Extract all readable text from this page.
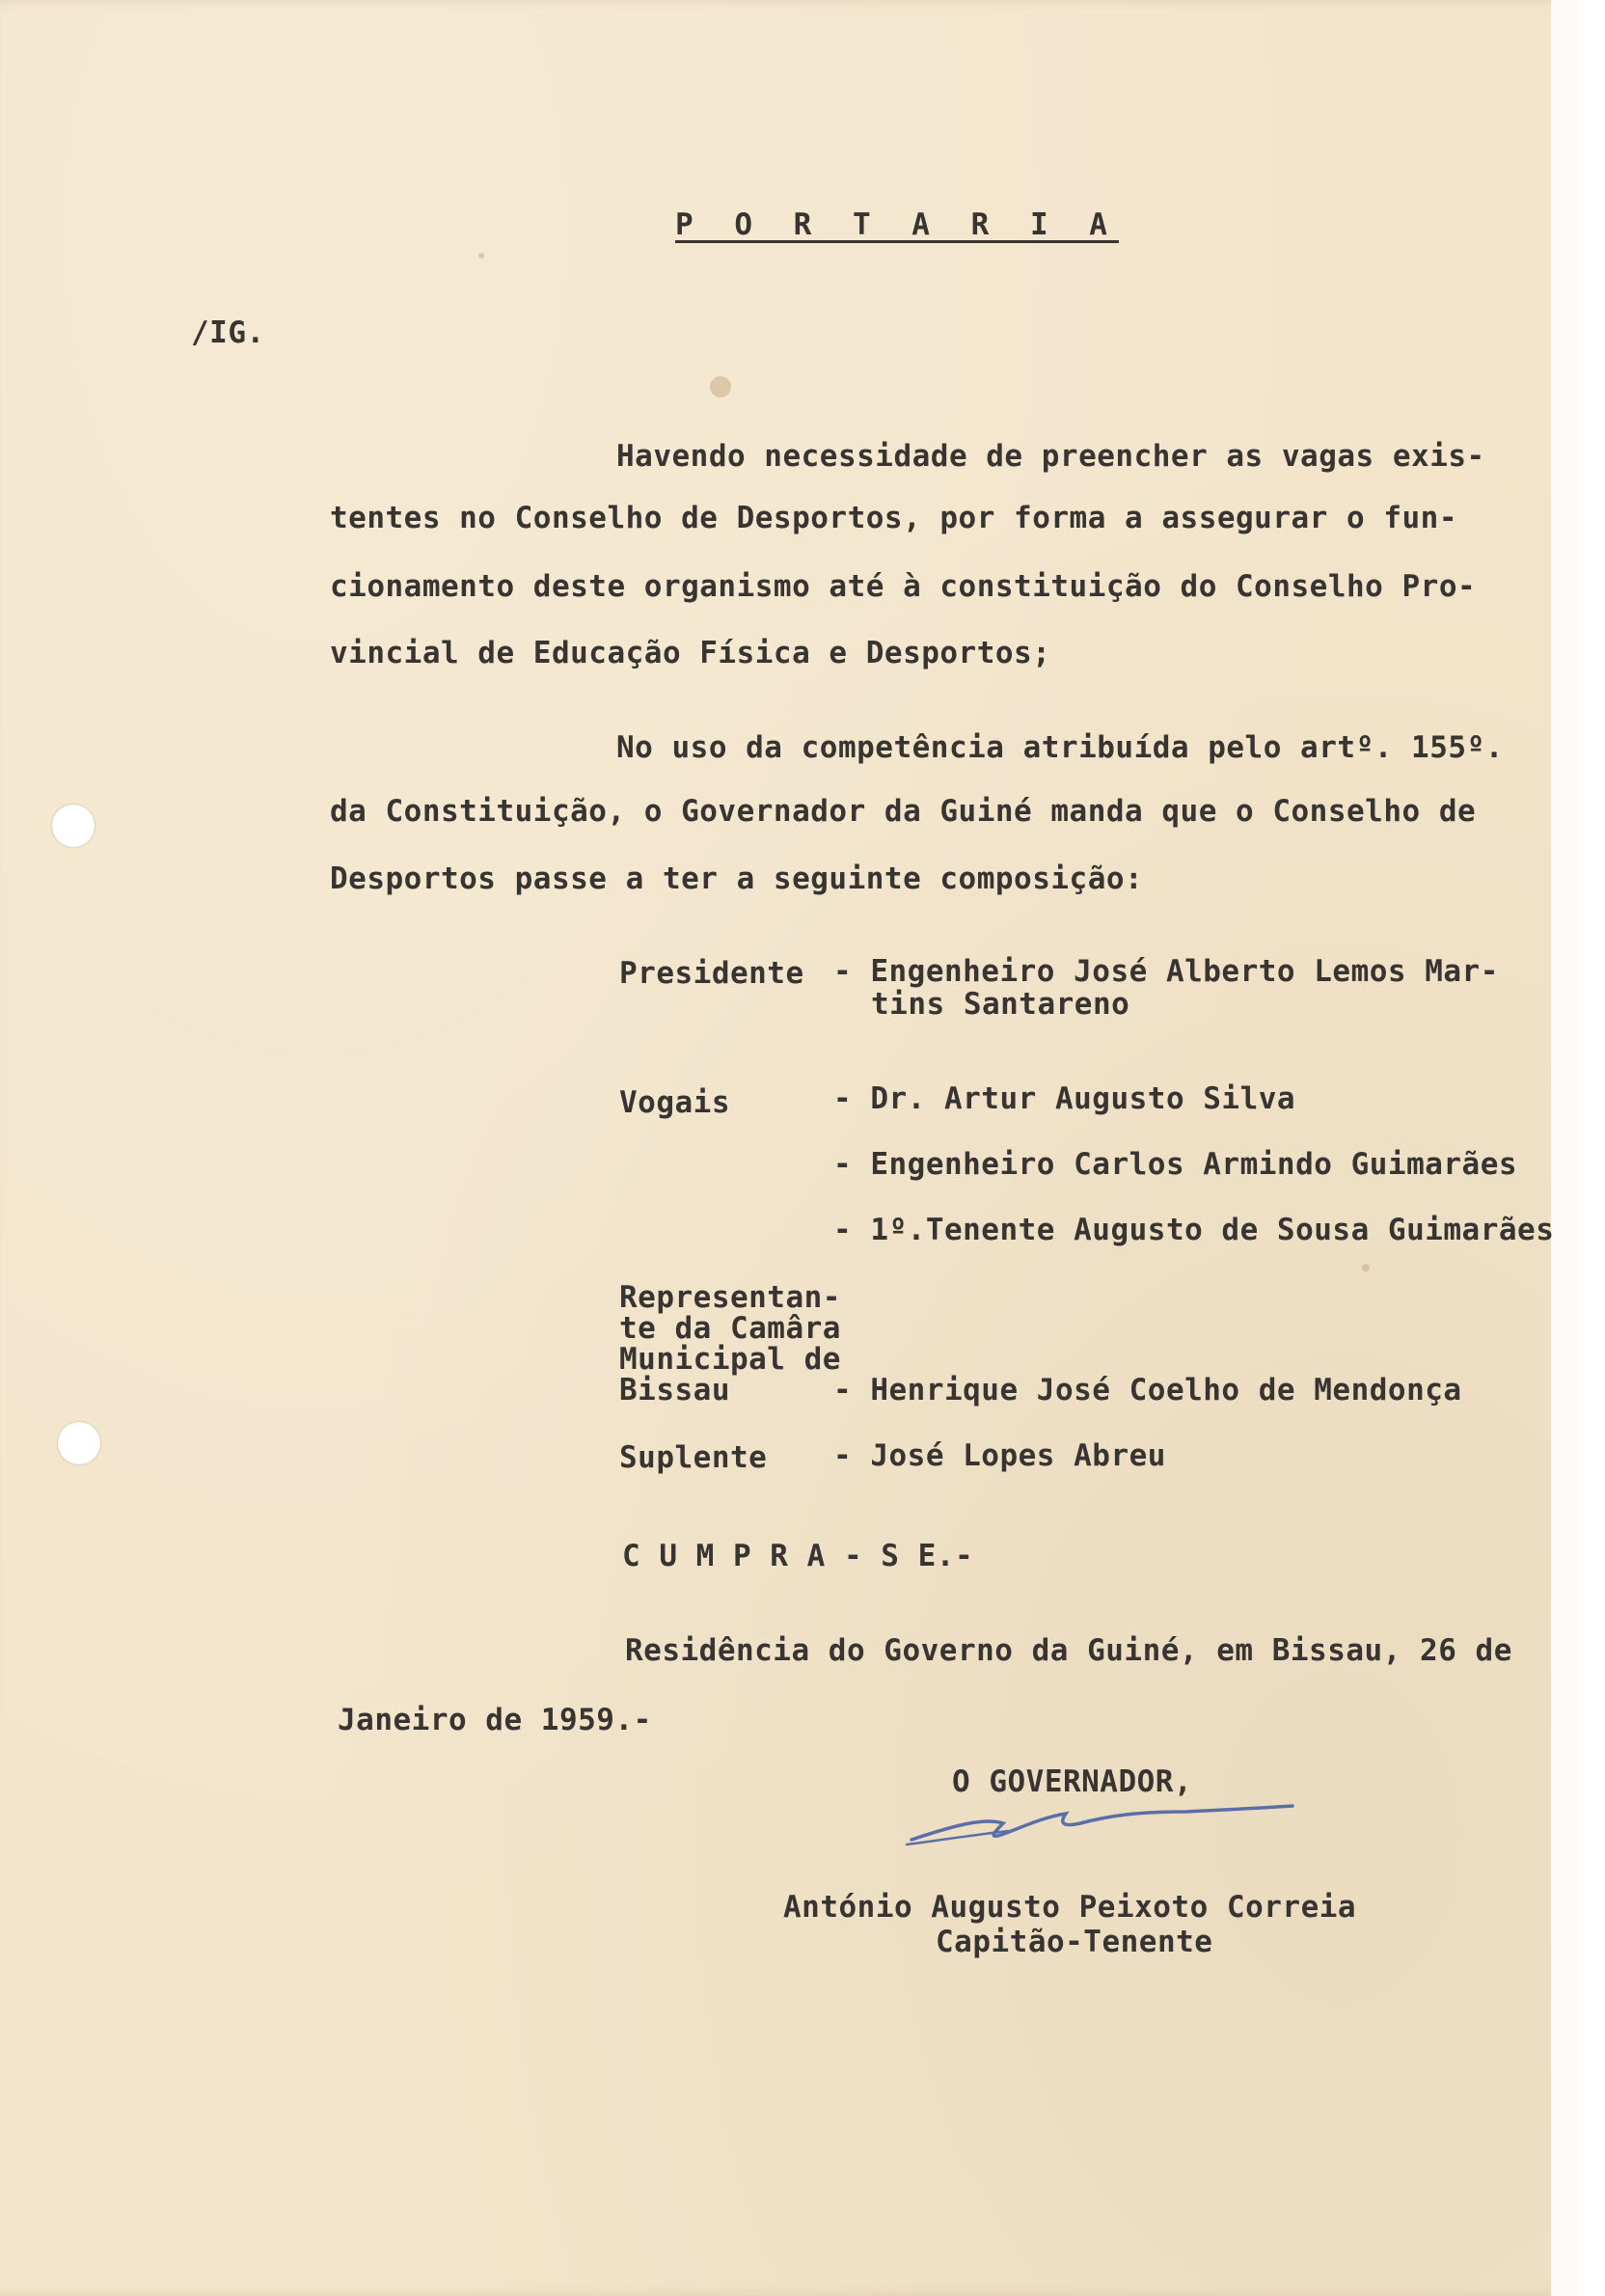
P O R T A R I A
/IG.
Havendo necessidade de preencher as vagas exis-
tentes no Conselho de Desportos, por forma a assegurar o fun-
cionamento deste organismo até à constituição do Conselho Pro-
vincial de Educação Física e Desportos;
No uso da competência atribuída pelo artº. 155º.
da Constituição, o Governador da Guiné manda que o Conselho de
Desportos passe a ter a seguinte composição:
Presidente - Engenheiro José Alberto Lemos Mar-
tins Santareno
Vogais	- Dr. Artur Augusto Silva
- Engenheiro Carlos Armindo Guimarães
- 1º.Tenente Augusto de Sousa Guimarães
Representan-
te da Camâra
Municipal de
Bissau	- Henrique José Coelho de Mendonça
Suplente - José Lopes Abreu
C U M P R A - S E.-
Residência do Governo da Guiné, em Bissau, 26 de
Janeiro de 1959.-
O GOVERNADOR,
António Augusto Peixoto Correia
Capitão-Tenente
